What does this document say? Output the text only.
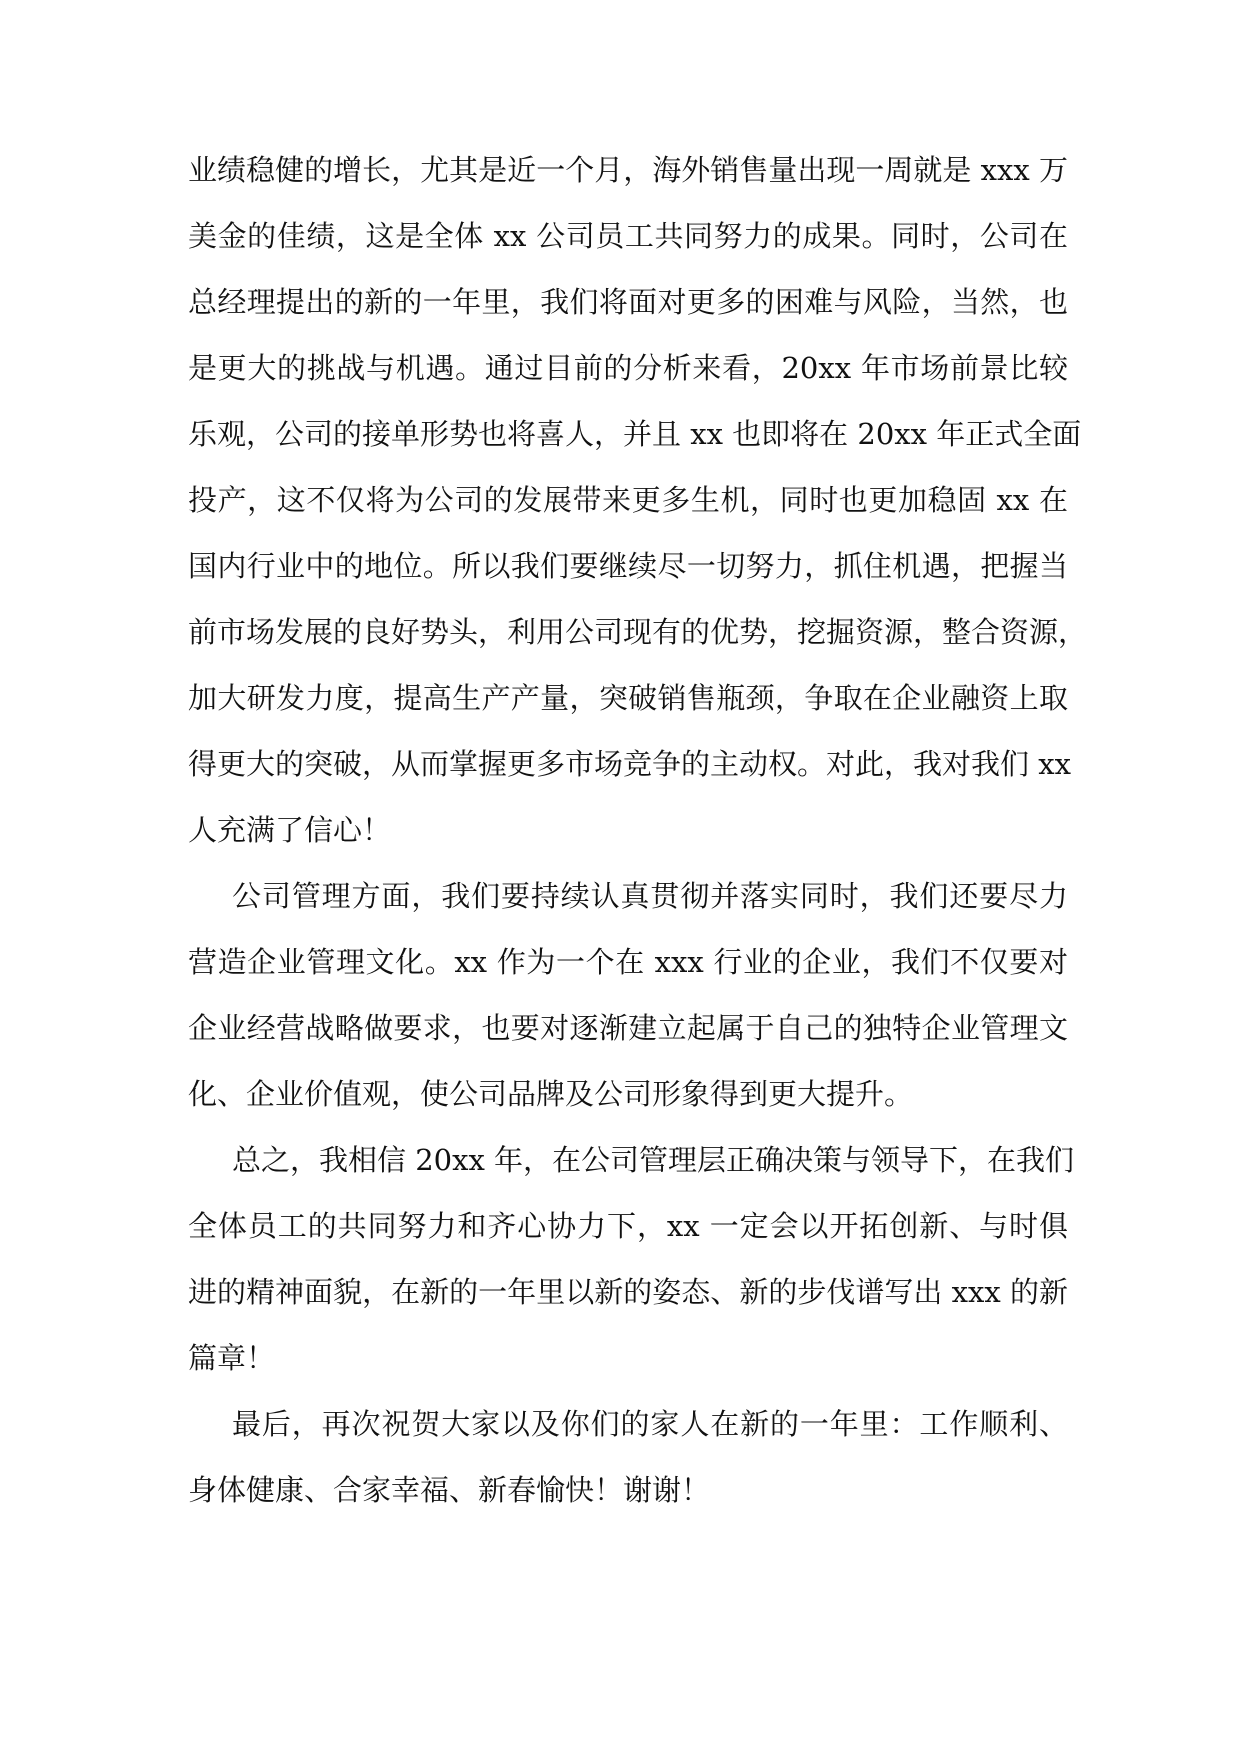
业绩稳健的增长，尤其是近一个月，海外销售量出现一周就是 xxx 万
美金的佳绩，这是全体 xx 公司员工共同努力的成果。同时，公司在
总经理提出的新的一年里，我们将面对更多的困难与风险，当然，也
是更大的挑战与机遇。通过目前的分析来看，20xx 年市场前景比较
乐观，公司的接单形势也将喜人，并且 xx 也即将在 20xx 年正式全面
投产，这不仅将为公司的发展带来更多生机，同时也更加稳固 xx 在
国内行业中的地位。所以我们要继续尽一切努力，抓住机遇，把握当
前市场发展的良好势头，利用公司现有的优势，挖掘资源，整合资源，
加大研发力度，提高生产产量，突破销售瓶颈，争取在企业融资上取
得更大的突破，从而掌握更多市场竞争的主动权。对此，我对我们 xx
人充满了信心！
公司管理方面，我们要持续认真贯彻并落实同时，我们还要尽力
营造企业管理文化。xx 作为一个在 xxx 行业的企业，我们不仅要对
企业经营战略做要求，也要对逐渐建立起属于自己的独特企业管理文
化、企业价值观，使公司品牌及公司形象得到更大提升。
总之，我相信 20xx 年，在公司管理层正确决策与领导下，在我们
全体员工的共同努力和齐心协力下，xx 一定会以开拓创新、与时俱
进的精神面貌，在新的一年里以新的姿态、新的步伐谱写出 xxx 的新
篇章！
最后，再次祝贺大家以及你们的家人在新的一年里：工作顺利、
身体健康、合家幸福、新春愉快！谢谢！
